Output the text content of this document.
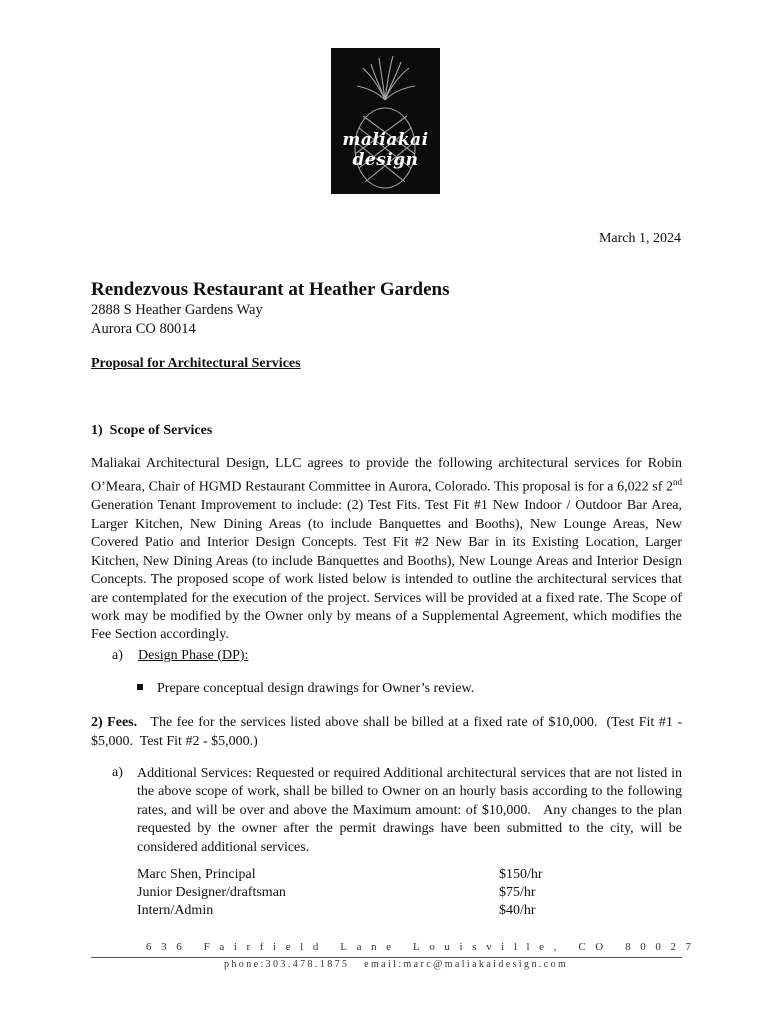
maliakai
design
March 1, 2024
Rendezvous Restaurant at Heather Gardens
2888 S Heather Gardens Way
Aurora CO 80014
Proposal for Architectural Services
1)  Scope of Services
Maliakai Architectural Design, LLC agrees to provide the following architectural services for Robin O’Meara, Chair of HGMD Restaurant Committee in Aurora, Colorado. This proposal is for a 6,022 sf 2nd Generation Tenant Improvement to include: (2) Test Fits. Test Fit #1 New Indoor / Outdoor Bar Area, Larger Kitchen, New Dining Areas (to include Banquettes and Booths), New Lounge Areas, New Covered Patio and Interior Design Concepts. Test Fit #2 New Bar in its Existing Location, Larger Kitchen, New Dining Areas (to include Banquettes and Booths), New Lounge Areas and Interior Design Concepts. The proposed scope of work listed below is intended to outline the architectural services that are contemplated for the execution of the project. Services will be provided at a fixed rate. The Scope of work may be modified by the Owner only by means of a Supplemental Agreement, which modifies the Fee Section accordingly.
a) Design Phase (DP):
Prepare conceptual design drawings for Owner’s review.
2) Fees.   The fee for the services listed above shall be billed at a fixed rate of $10,000.  (Test Fit #1 - $5,000.  Test Fit #2 - $5,000.)
a) Additional Services: Requested or required Additional architectural services that are not listed in the above scope of work, shall be billed to Owner on an hourly basis according to the following rates, and will be over and above the Maximum amount: of $10,000.   Any changes to the plan requested by the owner after the permit drawings have been submitted to the city, will be considered additional services.
Marc Shen, Principal	$150/hr
Junior Designer/draftsman	$75/hr
Intern/Admin	$40/hr
636 Fairfield Lane Louisville, CO 80027
phone:303.478.1875   email:marc@maliakaidesign.com
